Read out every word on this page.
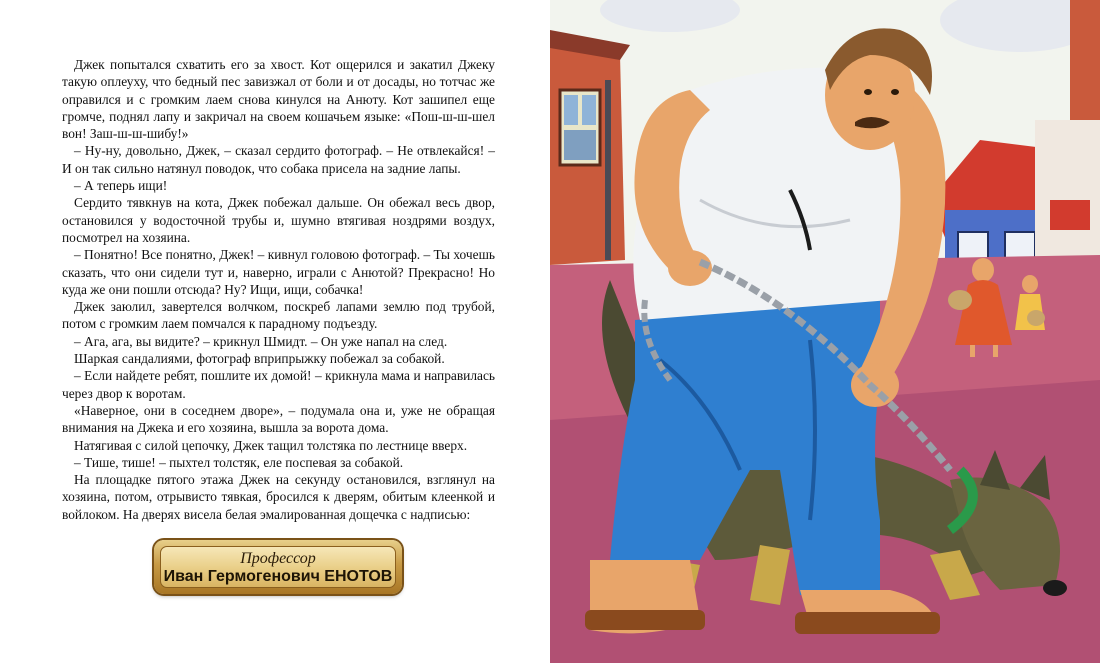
Джек попытался схватить его за хвост. Кот ощерился и закатил Джеку такую оплеуху, что бедный пес завизжал от боли и от досады, но тотчас же оправился и с громким лаем снова кинулся на Анюту. Кот зашипел еще громче, поднял лапу и закричал на своем кошачьем языке: «Пош-ш-ш-шел вон! Заш-ш-ш-шибу!»

– Ну-ну, довольно, Джек, – сказал сердито фотограф. – Не отвлекайся! – И он так сильно натянул поводок, что собака присела на задние лапы.

– А теперь ищи!

Сердито тявкнув на кота, Джек побежал дальше. Он обежал весь двор, остановился у водосточной трубы и, шумно втягивая ноздрями воздух, посмотрел на хозяина.

– Понятно! Все понятно, Джек! – кивнул головою фотограф. – Ты хочешь сказать, что они сидели тут и, наверно, играли с Анютой? Прекрасно! Но куда же они пошли отсюда? Ну? Ищи, ищи, собачка!

Джек заюлил, завертелся волчком, поскреб лапами землю под трубой, потом с громким лаем помчался к парадному подъезду.

– Ага, ага, вы видите? – крикнул Шмидт. – Он уже напал на след.

Шаркая сандалиями, фотограф вприпрыжку побежал за собакой.

– Если найдете ребят, пошлите их домой! – крикнула мама и направилась через двор к воротам.

«Наверное, они в соседнем дворе», – подумала она и, уже не обращая внимания на Джека и его хозяина, вышла за ворота дома.

Натягивая с силой цепочку, Джек тащил толстяка по лестнице вверх.

– Тише, тише! – пыхтел толстяк, еле поспевая за собакой.

На площадке пятого этажа Джек на секунду остановился, взглянул на хозяина, потом, отрывисто тявкая, бросился к дверям, обитым клеенкой и войлоком. На дверях висела белая эмалированная дощечка с надписью:

Профессор
Иван Гермогенович ЕНОТОВ
